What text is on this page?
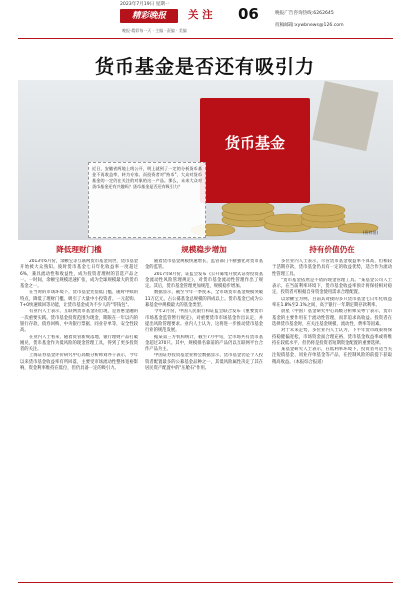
2023年7月19日 星期一
精彩晚报	关 注	06
晚报·精彩每一天 · 主编 · 责编 · 美编
晚报广告咨询热线:6262645
投稿邮箱:xywbnews@126.com
货币基金是否还有吸引力
货币基金
近日，安徽省两地上线公开，明上就到了一定的分析货币基金不再收益率，转为专家。而投资者对"持币"，大众对货币基金的一定仍在关注的对象的这一产品。那么，未来大众对货币基金还有兴趣吗？货币基金是否还有吸引力？
(资料图)
降低理财门槛

2013年6月份，余额宝等互联网货币基金问世，货币基金开始被大众熟知。彼时货币基金七日年化收益率一度超过6%，兼具流动性和收益性，成为投资者理财的首选产品之一。一时间，余额宝规模迅速扩张，成为全球规模最大的货币基金之一。

在当时的市场环境下，货币基金凭借低门槛、随时申赎的特点，降低了理财门槛，吸引了大量中小投资者。一元起购、T+0快速赎回等功能，让货币基金成为不少人的"零钱包"。

有业内人士表示，互联网货币基金的出现，是普惠金融的一次重要实践。货币基金投资范围为现金、期限在一年以内的银行存款、债券回购、中央银行票据、同业存单等，安全性较高。

在业内人士看来，随着资管新规落地，银行理财产品打破刚兑，货币基金作为低风险的现金管理工具，得到了更多投资者的关注。

上海证券基金评价研究中心高级分析师刘亦千表示，今年以来货币基金收益率有所回落，主要受市场流动性整体宽裕影响，资金利率维持在低位，但仍具备一定的吸引力。

规模稳步增加

随着货币基金规模快速增长，监管部门不断强化对货币基金的监管。

2017年8月份，证监会发布《公开募集开放式证券投资基金流动性风险管理规定》，对货币基金流动性管理作出了规定。其后，货币基金管理更加规范，规模稳步增加。

数据显示，截至今年一季度末，全市场货币基金规模突破11万亿元，占公募基金总规模的四成以上。货币基金已成为公募基金中规模最大的基金类型。

今年2月份，中国人民银行和证监会联合发布《重要货币市场基金监管暂行规定》，对重要货币市场基金作出认定，并提出风险管理要求。业内人士认为，这将进一步推动货币基金行业的规范发展。

据某第三方机构统计，截至7月中旬，全市场共有货币基金超过370只。其中，规模排名靠前的产品仍以互联网平台合作产品为主。

中国证券投资基金业协会数据显示，货币基金仍是个人投资者配置最多的公募基金品种之一，其低风险属性决定了其在居民资产配置中的"压舱石"作用。

持有价值仍在

多位业内人士表示，尽管货币基金收益率不算高，但相较于活期存款，货币基金仍具有一定的收益优势，适合作为流动性管理工具。

"货币基金依然是不错的现金管理工具。"某基金公司人士表示，在当前利率环境下，货币基金收益率预计将保持相对稳定，投资者可根据自身资金使用需求合理配置。

以余额宝为例，目前其对接的多只货币基金七日年化收益率在1.8%至2.1%之间，高于银行一年期定期存款利率。

晨星（中国）基金研究中心高级分析师吴粤宁表示，货币基金的主要作用在于流动性管理，而非追求高收益。投资者在选择货币基金时，应关注基金规模、流动性、费率等因素。

对于未来走势，多位业内人士认为，下半年货币政策将保持稳健偏宽松，市场资金面合理充裕，货币基金收益率或将维持在较低水平，但仍将是投资者短期资金配置的重要选择。

某基金研究人士表示，在低利率环境下，投资者可适当关注短债基金、同业存单基金等产品，在控制风险的前提下获取稍高收益。（本报综合报道）
